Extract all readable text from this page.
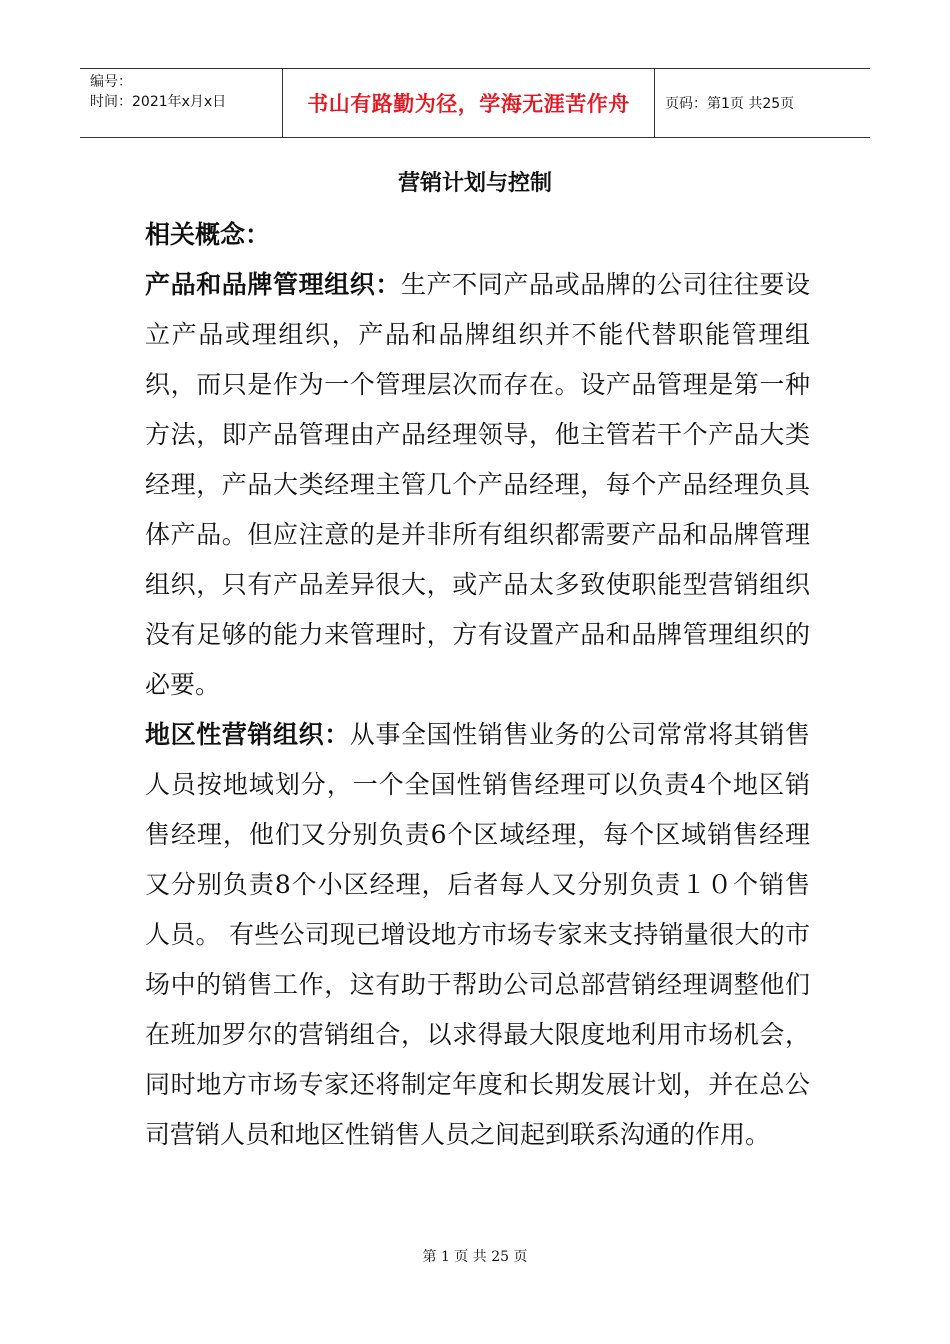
编号：
时间：2021年x月x日	书山有路勤为径，学海无涯苦作舟	页码：第1页 共25页
营销计划与控制
相关概念：

产品和品牌管理组织：生产不同产品或品牌的公司往往要设立产品或理组织，产品和品牌组织并不能代替职能管理组织，而只是作为一个管理层次而存在。设产品管理是第一种方法，即产品管理由产品经理领导，他主管若干个产品大类经理，产品大类经理主管几个产品经理，每个产品经理负具体产品。但应注意的是并非所有组织都需要产品和品牌管理组织，只有产品差异很大，或产品太多致使职能型营销组织没有足够的能力来管理时，方有设置产品和品牌管理组织的必要。

地区性营销组织：从事全国性销售业务的公司常常将其销售人员按地域划分，一个全国性销售经理可以负责4个地区销售经理，他们又分别负责6个区域经理，每个区域销售经理又分别负责8个小区经理，后者每人又分别负责１０个销售人员。 有些公司现已增设地方市场专家来支持销量很大的市场中的销售工作，这有助于帮助公司总部营销经理调整他们在班加罗尔的营销组合，以求得最大限度地利用市场机会，同时地方市场专家还将制定年度和长期发展计划，并在总公司营销人员和地区性销售人员之间起到联系沟通的作用。

第 1 页 共 25 页
